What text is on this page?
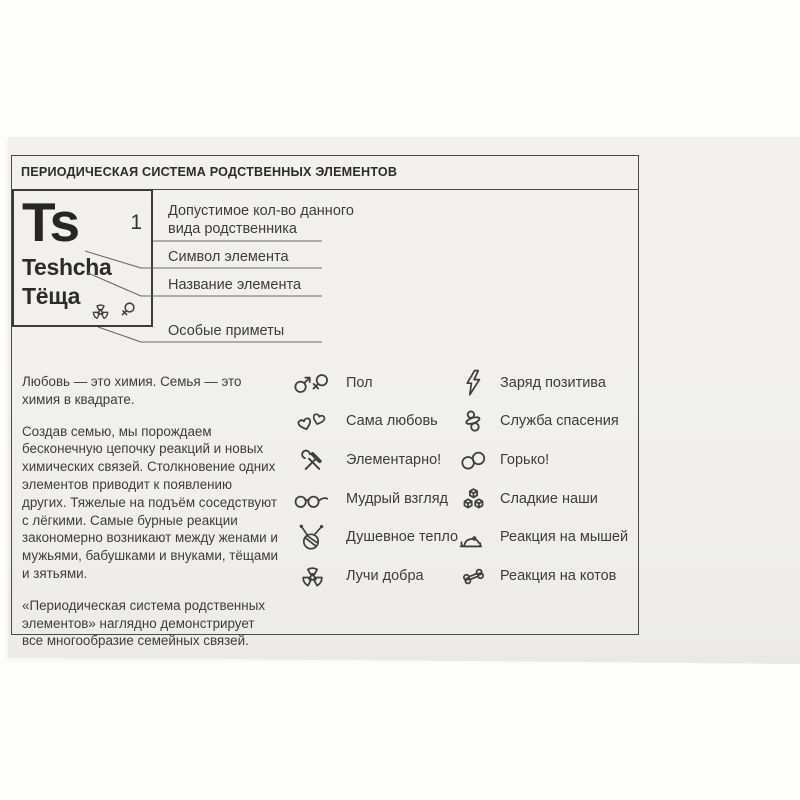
ПЕРИОДИЧЕСКАЯ СИСТЕМА РОДСТВЕННЫХ ЭЛЕМЕНТОВ
Ts 1
Teshcha
Тёща
Допустимое кол-во данного вида родственника
Символ элемента
Название элемента
Особые приметы

Любовь — это химия. Семья — это химия в квадрате.

Создав семью, мы порождаем бесконечную цепочку реакций и новых химических связей. Столкновение одних элементов приводит к появлению других. Тяжелые на подъём соседствуют с лёгкими. Самые бурные реакции закономерно возникают между женами и мужьями, бабушками и внуками, тёщами и зятьями.

«Периодическая система родственных элементов» наглядно демонстрирует все многообразие семейных связей.

Пол
Сама любовь
Элементарно!
Мудрый взгляд
Душевное тепло
Лучи добра
Заряд позитива
Служба спасения
Горько!
Сладкие наши
Реакция на мышей
Реакция на котов
